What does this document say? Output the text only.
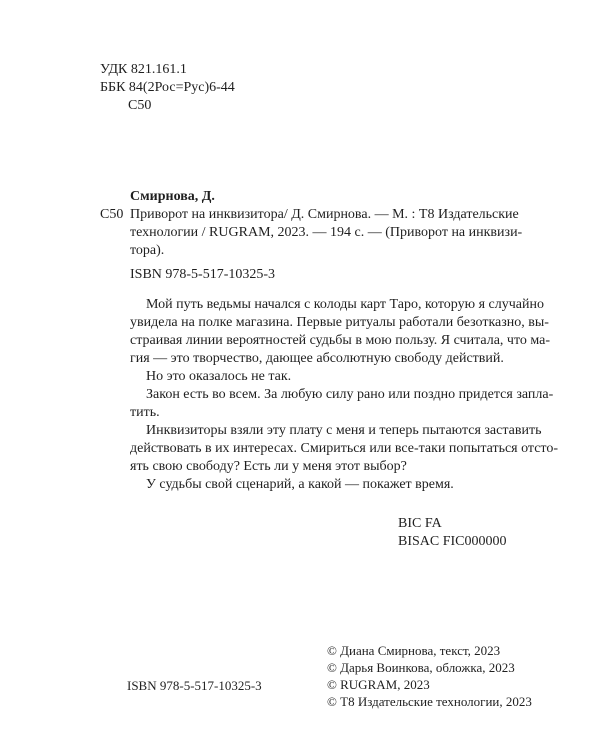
УДК 821.161.1
ББК 84(2Рос=Рус)6-44
С50
Смирнова, Д.
С50 Приворот на инквизитора/ Д. Смирнова. — М. : Т8 Издательские
технологии / RUGRAM, 2023. — 194 с. — (Приворот на инквизи-
тора).
ISBN 978-5-517-10325-3
Мой путь ведьмы начался с колоды карт Таро, которую я случайно
увидела на полке магазина. Первые ритуалы работали безотказно, вы-
страивая линии вероятностей судьбы в мою пользу. Я считала, что ма-
гия — это творчество, дающее абсолютную свободу действий.
Но это оказалось не так.
Закон есть во всем. За любую силу рано или поздно придется запла-
тить.
Инквизиторы взяли эту плату с меня и теперь пытаются заставить
действовать в их интересах. Смириться или все-таки попытаться отсто-
ять свою свободу? Есть ли у меня этот выбор?
У судьбы свой сценарий, а какой — покажет время.
BIC FA
BISAC FIC000000
ISBN 978-5-517-10325-3
© Диана Смирнова, текст, 2023
© Дарья Воинкова, обложка, 2023
© RUGRAM, 2023
© Т8 Издательские технологии, 2023
